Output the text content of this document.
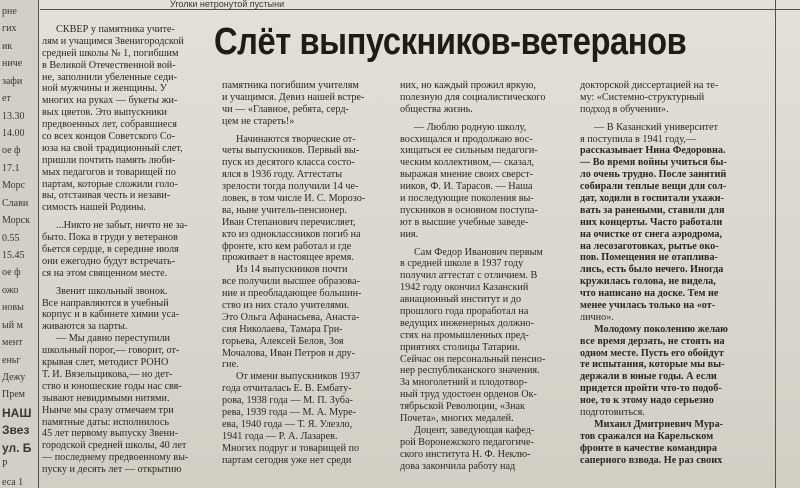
рне
гих
ик
ниче
зафи
ет
13.30
14.00
ое ф
17.1
Морс
Слави
Морск
0.55
15.45
ое ф
ожо
новы
ый м
мент
еньг
Дежу
Прем
НАШ
Звез
ул. Б
Р
еса 1
Уголки нетронутой пустыни
Слёт выпускников-ветеранов
СКВЕР у памятника учите-
лям и учащимся Звенигородской
средней школы № 1, погибшим
в Великой Отечественной вой-
не, заполнили убеленные седи-
ной мужчины и женщины. У
многих на руках — букеты жи-
вых цветов. Это выпускники
предвоенных лет, собравшиеся
со всех концов Советского Со-
юза на свой традиционный слет,
пришли почтить память люби-
мых педагогов и товарищей по
партам, которые сложили голо-
вы, отстаивая честь и незави-
симость нашей Родины.
...Никто не забыт, ничто не за-
быто. Пока в груди у ветеранов
бьется сердце, в середине июля
они ежегодно будут встречать-
ся на этом священном месте.
Звенит школьный звонок.
Все направляются в учебный
корпус и в кабинете химии уса-
живаются за парты.
— Мы давно переступили
школьный порог,— говорит, от-
крывая слет, методист РОНО
Т. И. Вязельщикова,— но дет-
ство и юношеские годы нас свя-
зывают невидимыми нитями.
Нынче мы сразу отмечаем три
памятные даты: исполнилось
45 лет первому выпуску Звени-
городской средней школы, 40 лет
— последнему предвоенному вы-
пуску и десять лет — открытию
памятника погибшим учителям
и учащимся. Девиз нашей встре-
чи — «Главное, ребята, серд-
цем не стареть!»
Начинаются творческие от-
четы выпускников. Первый вы-
пуск из десятого класса состо-
ялся в 1936 году. Аттестаты
зрелости тогда получили 14 че-
ловек, в том числе И. С. Морозо-
ва, ныне учитель-пенсионер.
Иван Степанович перечисляет,
кто из одноклассников погиб на
фронте, кто кем работал и где
проживает в настоящее время.
Из 14 выпускников почти
все получили высшее образова-
ние и преобладающее большин-
ство из них стало учителями.
Это Ольга Афанасьева, Анаста-
сия Николаева, Тамара Гри-
горьева, Алексей Белов, Зоя
Мочалова, Иван Петров и дру-
гие.
От имени выпускников 1937
года отчиталась Е. В. Ембату-
рова, 1938 года — М. П. Зуба-
рева, 1939 года — М. А. Муре-
ева, 1940 года — Т. Я. Улезло,
1941 года — Р. А. Лазарев.
Многих подруг и товарищей по
партам сегодня уже нет среди
них, но каждый прожил яркую,
полезную для социалистического
общества жизнь.
— Люблю родную школу,
восхищался и продолжаю вос-
хищаться ее сильным педагоги-
ческим коллективом,— сказал,
выражая мнение своих сверст-
ников, Ф. И. Тарасов. — Наша
и последующие поколения вы-
пускников в основном поступа-
ют в высшие учебные заведе-
ния.
Сам Федор Иванович первым
в средней школе в 1937 году
получил аттестат с отличием. В
1942 году окончил Казанский
авиационный институт и до
прошлого года проработал на
ведущих инженерных должно-
стях на промышленных пред-
приятиях столицы Татарии.
Сейчас он персональный пенсио-
нер республиканского значения.
За многолетний и плодотвор-
ный труд удостоен орденов Ок-
тябрьской Революции, «Знак
Почета», многих медалей.
Доцент, заведующая кафед-
рой Воронежского педагогиче-
ского института Н. Ф. Неклю-
дова закончила работу над
докторской диссертацией на те-
му: «Системно-структурный
подход в обучении».
— В Казанский университет
я поступила в 1941 году,—
рассказывает Нина Федоровна.
— Во время войны учиться бы-
ло очень трудно. После занятий
собирали теплые вещи для сол-
дат, ходили в госпитали ухажи-
вать за ранеными, ставили для
них концерты. Часто работали
на очистке от снега аэродрома,
на лесозаготовках, рытье око-
пов. Помещения не отаплива-
лись, есть было нечего. Иногда
кружилась голова, не видела,
что написано на доске. Тем не
менее училась только на «от-
лично».
Молодому поколению желаю
все время дерзать, не стоять на
одном месте. Пусть его обойдут
те испытания, которые мы вы-
держали в юные годы. А если
придется пройти что-то подоб-
ное, то к этому надо серьезно
подготовиться.
Михаил Дмитриевич Мура-
тов сражался на Карельском
фронте в качестве командира
саперного взвода. Не раз своих
